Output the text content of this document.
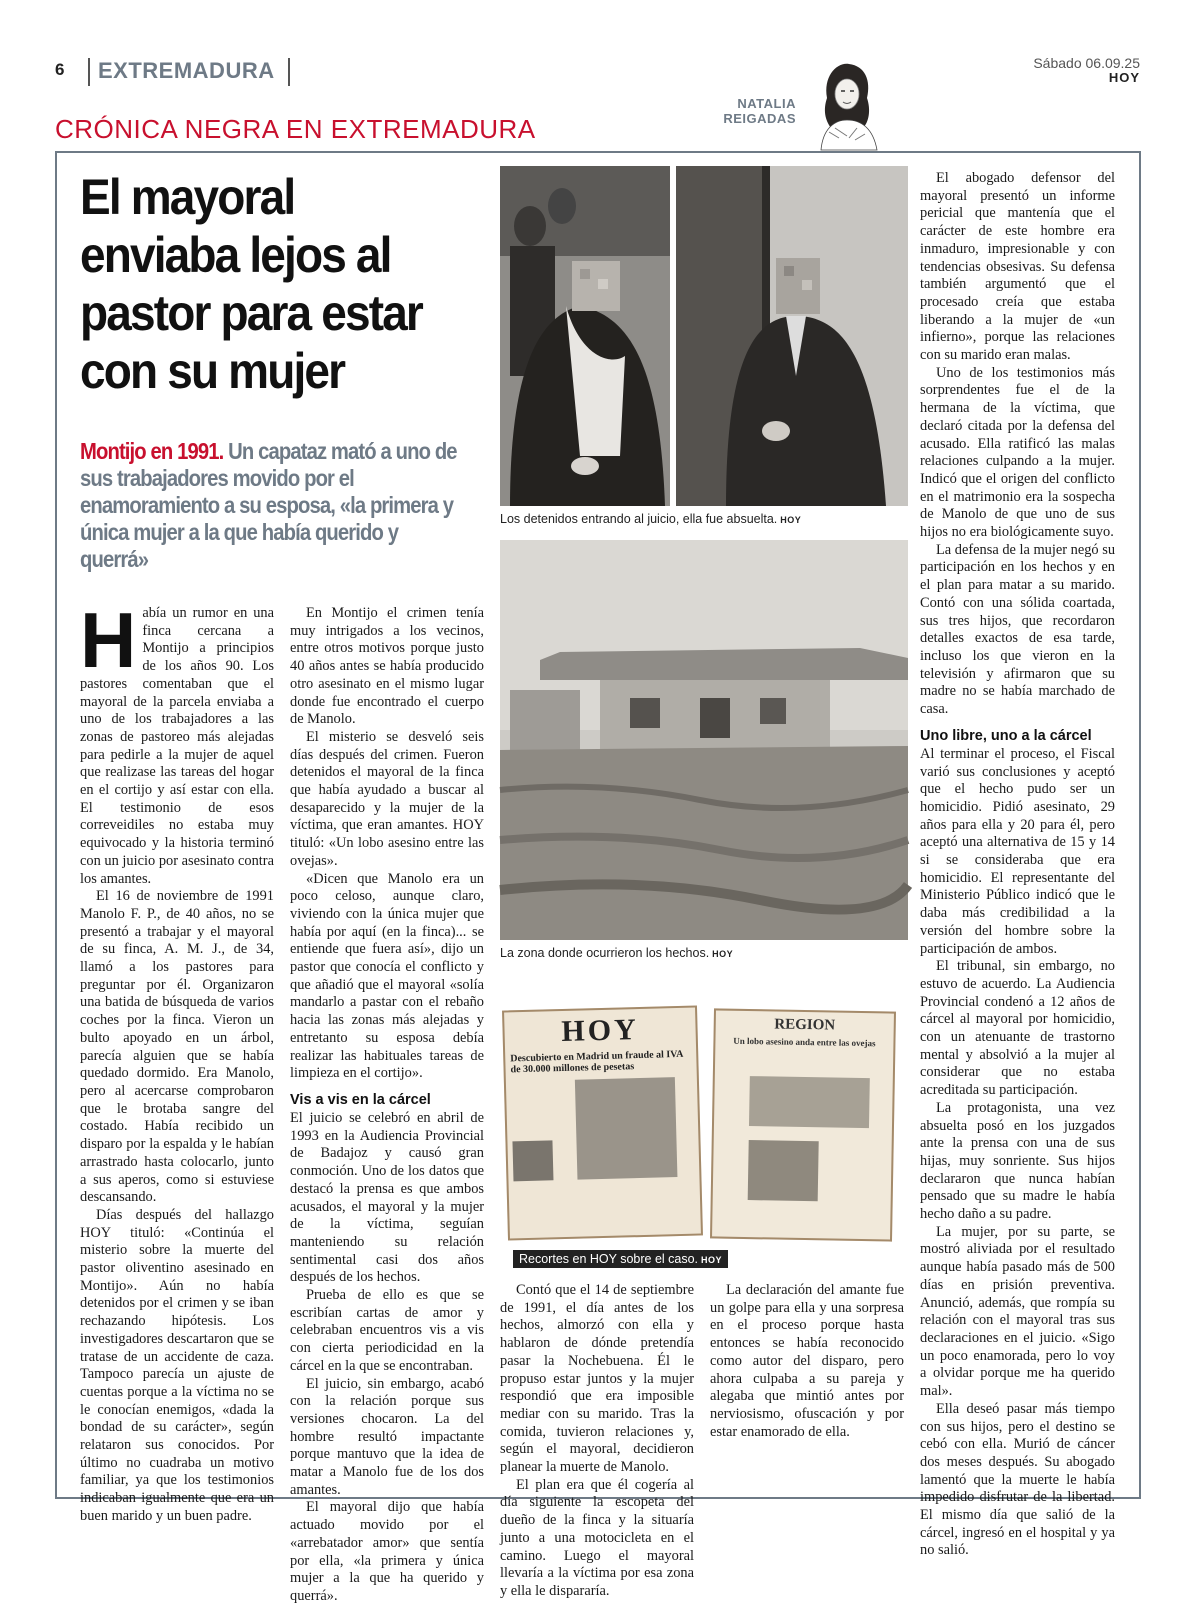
6 EXTREMADURA	Sábado 06.09.25
HOY
NATALIA
REIGADAS
CRÓNICA NEGRA EN EXTREMADURA
El mayoral
enviaba lejos al
pastor para estar
con su mujer
Montijo en 1991. Un capataz mató a uno de sus trabajadores movido por el enamoramiento a su esposa, «la primera y única mujer a la que había querido y querrá»
Los detenidos entrando al juicio, ella fue absuelta. HOY
La zona donde ocurrieron los hechos. HOY
HOY
Descubierto en Madrid un fraude al IVA de 30.000 millones de pesetas
REGION
Un lobo asesino anda entre las ovejas
Recortes en HOY sobre el caso. HOY

Había un rumor en una finca cercana a Montijo a principios de los años 90. Los pastores comentaban que el mayoral de la parcela enviaba a uno de los trabajadores a las zonas de pastoreo más alejadas para pedirle a la mujer de aquel que realizase las tareas del hogar en el cortijo y así estar con ella. El testimonio de esos correveidiles no estaba muy equivocado y la historia terminó con un juicio por asesinato contra los amantes.

El 16 de noviembre de 1991 Manolo F. P., de 40 años, no se presentó a trabajar y el mayoral de su finca, A. M. J., de 34, llamó a los pastores para preguntar por él. Organizaron una batida de búsqueda de varios coches por la finca. Vieron un bulto apoyado en un árbol, parecía alguien que se había quedado dormido. Era Manolo, pero al acercarse comprobaron que le brotaba sangre del costado. Había recibido un disparo por la espalda y le habían arrastrado hasta colocarlo, junto a sus aperos, como si estuviese descansando.

Días después del hallazgo HOY tituló: «Continúa el misterio sobre la muerte del pastor oliventino asesinado en Montijo». Aún no había detenidos por el crimen y se iban rechazando hipótesis. Los investigadores descartaron que se tratase de un accidente de caza. Tampoco parecía un ajuste de cuentas porque a la víctima no se le conocían enemigos, «dada la bondad de su carácter», según relataron sus conocidos. Por último no cuadraba un motivo familiar, ya que los testimonios indicaban igualmente que era un buen marido y un buen padre.

En Montijo el crimen tenía muy intrigados a los vecinos, entre otros motivos porque justo 40 años antes se había producido otro asesinato en el mismo lugar donde fue encontrado el cuerpo de Manolo.

El misterio se desveló seis días después del crimen. Fueron detenidos el mayoral de la finca que había ayudado a buscar al desaparecido y la mujer de la víctima, que eran amantes. HOY tituló: «Un lobo asesino entre las ovejas».

«Dicen que Manolo era un poco celoso, aunque claro, viviendo con la única mujer que había por aquí (en la finca)... se entiende que fuera así», dijo un pastor que conocía el conflicto y que añadió que el mayoral «solía mandarlo a pastar con el rebaño hacia las zonas más alejadas y entretanto su esposa debía realizar las habituales tareas de limpieza en el cortijo».

Vis a vis en la cárcel

El juicio se celebró en abril de 1993 en la Audiencia Provincial de Badajoz y causó gran conmoción. Uno de los datos que destacó la prensa es que ambos acusados, el mayoral y la mujer de la víctima, seguían manteniendo su relación sentimental casi dos años después de los hechos.

Prueba de ello es que se escribían cartas de amor y celebraban encuentros vis a vis con cierta periodicidad en la cárcel en la que se encontraban.

El juicio, sin embargo, acabó con la relación porque sus versiones chocaron. La del hombre resultó impactante porque mantuvo que la idea de matar a Manolo fue de los dos amantes.

El mayoral dijo que había actuado movido por el «arrebatador amor» que sentía por ella, «la primera y única mujer a la que ha querido y querrá».

Contó que el 14 de septiembre de 1991, el día antes de los hechos, almorzó con ella y hablaron de dónde pretendía pasar la Nochebuena. Él le propuso estar juntos y la mujer respondió que era imposible mediar con su marido. Tras la comida, tuvieron relaciones y, según el mayoral, decidieron planear la muerte de Manolo.

El plan era que él cogería al día siguiente la escopeta del dueño de la finca y la situaría junto a una motocicleta en el camino. Luego el mayoral llevaría a la víctima por esa zona y ella le dispararía.

La declaración del amante fue un golpe para ella y una sorpresa en el proceso porque hasta entonces se había reconocido como autor del disparo, pero ahora culpaba a su pareja y alegaba que mintió antes por nerviosismo, ofuscación y por estar enamorado de ella.

El abogado defensor del mayoral presentó un informe pericial que mantenía que el carácter de este hombre era inmaduro, impresionable y con tendencias obsesivas. Su defensa también argumentó que el procesado creía que estaba liberando a la mujer de «un infierno», porque las relaciones con su marido eran malas.

Uno de los testimonios más sorprendentes fue el de la hermana de la víctima, que declaró citada por la defensa del acusado. Ella ratificó las malas relaciones culpando a la mujer. Indicó que el origen del conflicto en el matrimonio era la sospecha de Manolo de que uno de sus hijos no era biológicamente suyo.

La defensa de la mujer negó su participación en los hechos y en el plan para matar a su marido. Contó con una sólida coartada, sus tres hijos, que recordaron detalles exactos de esa tarde, incluso los que vieron en la televisión y afirmaron que su madre no se había marchado de casa.

Uno libre, uno a la cárcel

Al terminar el proceso, el Fiscal varió sus conclusiones y aceptó que el hecho pudo ser un homicidio. Pidió asesinato, 29 años para ella y 20 para él, pero aceptó una alternativa de 15 y 14 si se consideraba que era homicidio. El representante del Ministerio Público indicó que le daba más credibilidad a la versión del hombre sobre la participación de ambos.

El tribunal, sin embargo, no estuvo de acuerdo. La Audiencia Provincial condenó a 12 años de cárcel al mayoral por homicidio, con un atenuante de trastorno mental y absolvió a la mujer al considerar que no estaba acreditada su participación.

La protagonista, una vez absuelta posó en los juzgados ante la prensa con una de sus hijas, muy sonriente. Sus hijos declararon que nunca habían pensado que su madre le había hecho daño a su padre.

La mujer, por su parte, se mostró aliviada por el resultado aunque había pasado más de 500 días en prisión preventiva. Anunció, además, que rompía su relación con el mayoral tras sus declaraciones en el juicio. «Sigo un poco enamorada, pero lo voy a olvidar porque me ha querido mal».

Ella deseó pasar más tiempo con sus hijos, pero el destino se cebó con ella. Murió de cáncer dos meses después. Su abogado lamentó que la muerte le había impedido disfrutar de la libertad. El mismo día que salió de la cárcel, ingresó en el hospital y ya no salió.
